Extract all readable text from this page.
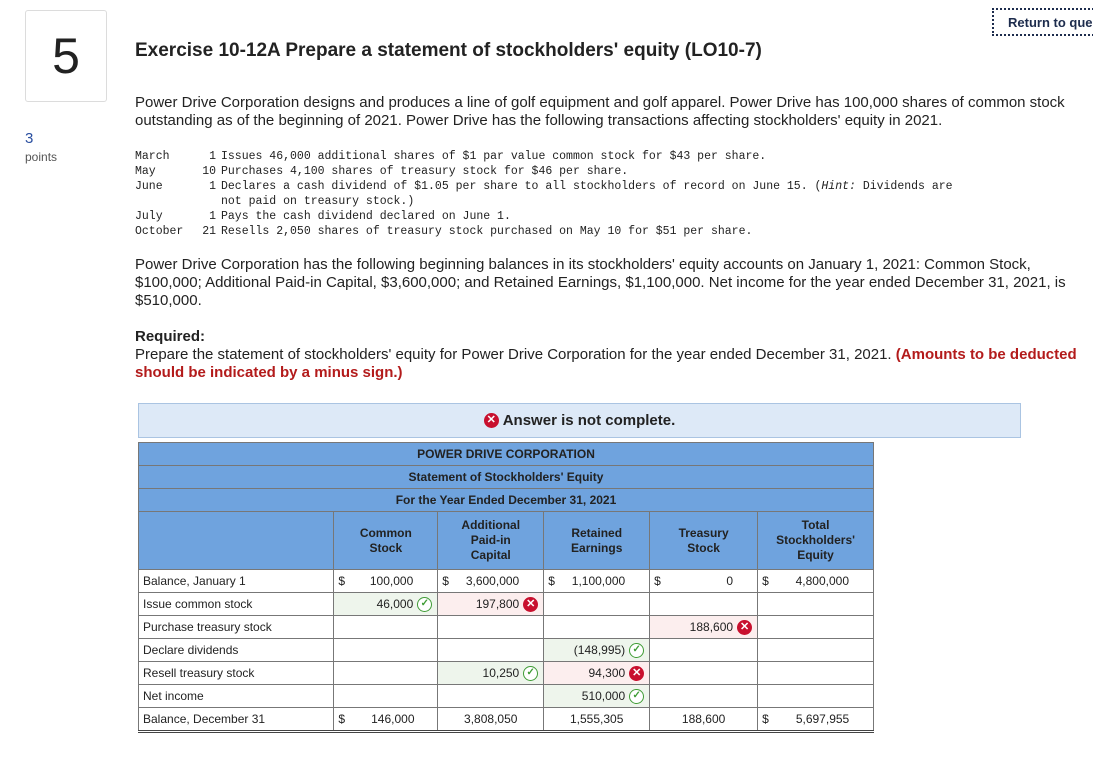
5
3
points
Return to que
Exercise 10-12A Prepare a statement of stockholders' equity (LO10-7)

Power Drive Corporation designs and produces a line of golf equipment and golf apparel. Power Drive has 100,000 shares of common stock outstanding as of the beginning of 2021. Power Drive has the following transactions affecting stockholders' equity in 2021.

March	1	Issues 46,000 additional shares of $1 par value common stock for $43 per share.
May	10	Purchases 4,100 shares of treasury stock for $46 per share.
June	1	Declares a cash dividend of $1.05 per share to all stockholders of record on June 15. (Hint: Dividends are
		not paid on treasury stock.)
July	1	Pays the cash dividend declared on June 1.
October	21	Resells 2,050 shares of treasury stock purchased on May 10 for $51 per share.

Power Drive Corporation has the following beginning balances in its stockholders' equity accounts on January 1, 2021: Common Stock, $100,000; Additional Paid-in Capital, $3,600,000; and Retained Earnings, $1,100,000. Net income for the year ended December 31, 2021, is $510,000.

Required:
Prepare the statement of stockholders' equity for Power Drive Corporation for the year ended December 31, 2021. (Amounts to be deducted should be indicated by a minus sign.)
✕ Answer is not complete.
POWER DRIVE CORPORATION					
Statement of Stockholders' Equity					
For the Year Ended December 31, 2021					
	Common
Stock	Additional
Paid-in
Capital	Retained
Earnings	Treasury
Stock	Total
Stockholders'
Equity
Balance, January 1	$ 100,000	$ 3,600,000	$ 1,100,000	$ 0	$ 4,800,000

Issue common stock	46,000 ✓	197,800 ✕			

Purchase treasury stock				188,600 ✕	

Declare dividends			(148,995) ✓		

Resell treasury stock		10,250 ✓	94,300 ✕		

Net income			510,000 ✓		

Balance, December 31	$ 146,000	3,808,050	1,555,305	188,600	$ 5,697,955
